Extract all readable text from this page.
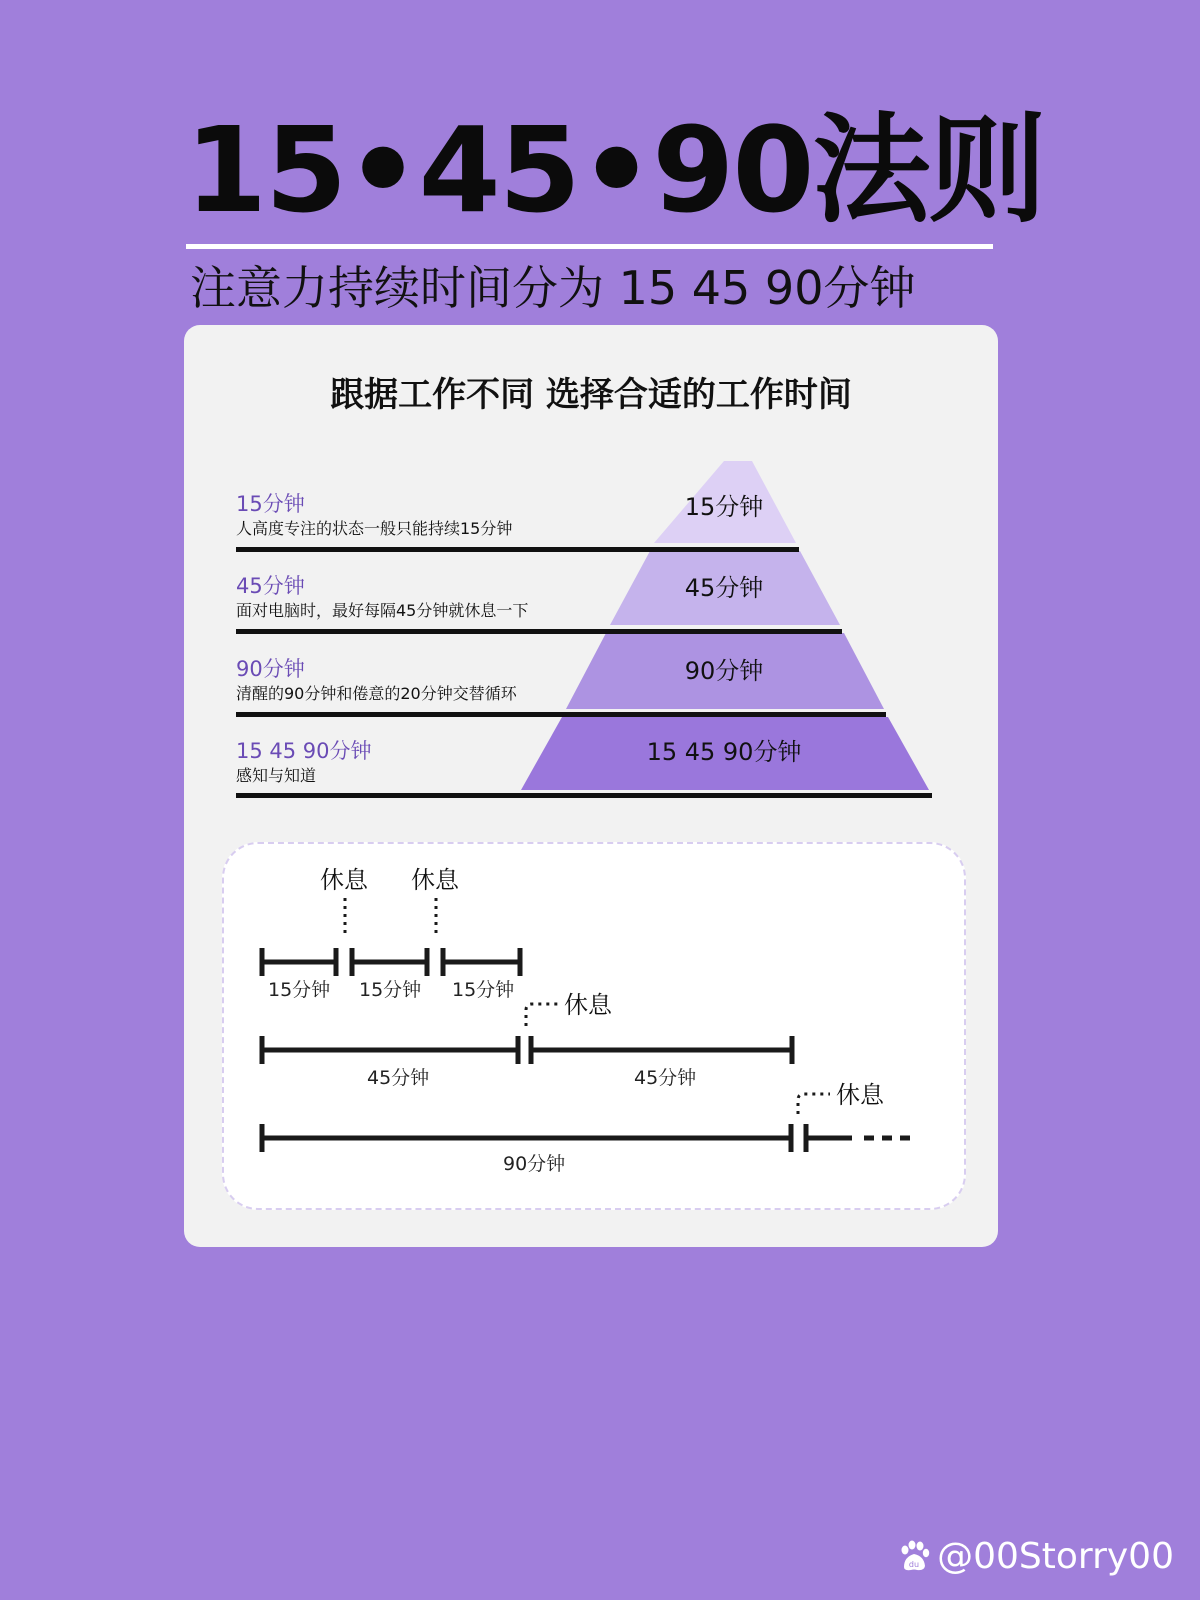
15•45•90法则
注意力持续时间分为 15 45 90分钟
跟据工作不同 选择合适的工作时间
15分钟
人高度专注的状态一般只能持续15分钟
45分钟
面对电脑时，最好每隔45分钟就休息一下
90分钟
清醒的90分钟和倦意的20分钟交替循环
15 45 90分钟
感知与知道
15分钟
45分钟
90分钟
15 45 90分钟
休息 休息
休息
休息
15分钟 15分钟 15分钟
45分钟	45分钟
90分钟
du @00Storry00
